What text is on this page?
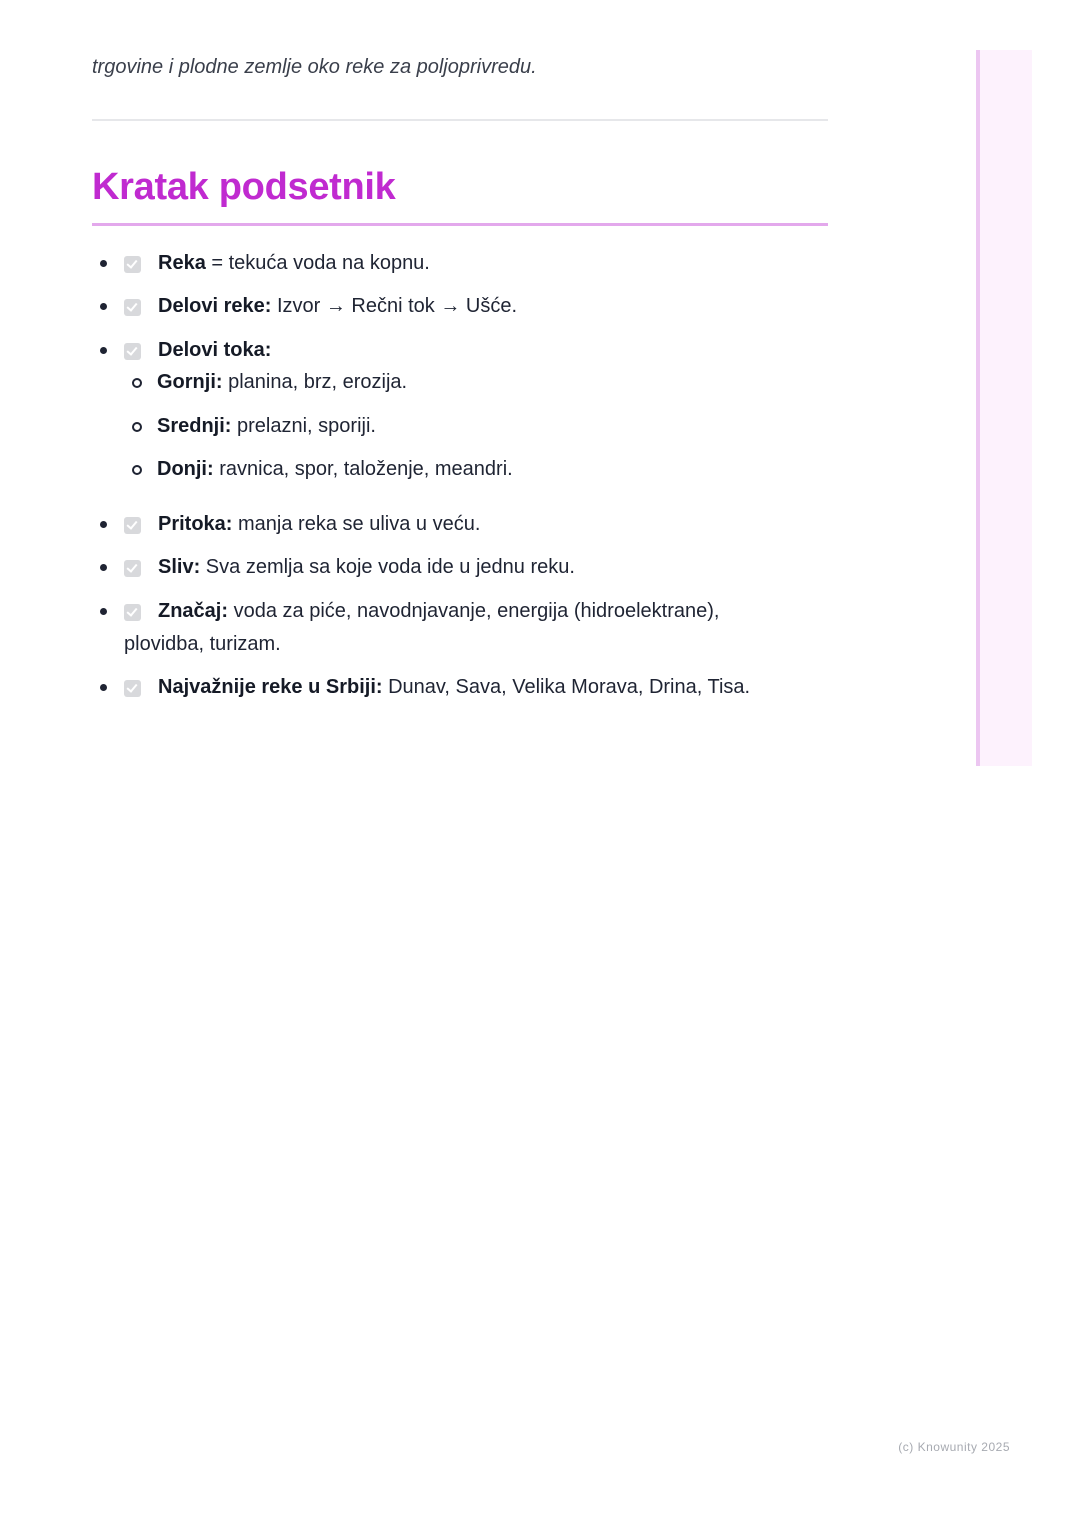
trgovine i plodne zemlje oko reke za poljoprivredu.
Kratak podsetnik
Reka = tekuća voda na kopnu.
Delovi reke: Izvor → Rečni tok → Ušće.
Delovi toka:
Gornji: planina, brz, erozija.
Srednji: prelazni, sporiji.
Donji: ravnica, spor, taloženje, meandri.
Pritoka: manja reka se uliva u veću.
Sliv: Sva zemlja sa koje voda ide u jednu reku.
Značaj: voda za piće, navodnjavanje, energija (hidroelektrane),
plovidba, turizam.
Najvažnije reke u Srbiji: Dunav, Sava, Velika Morava, Drina, Tisa.
(c) Knowunity 2025
